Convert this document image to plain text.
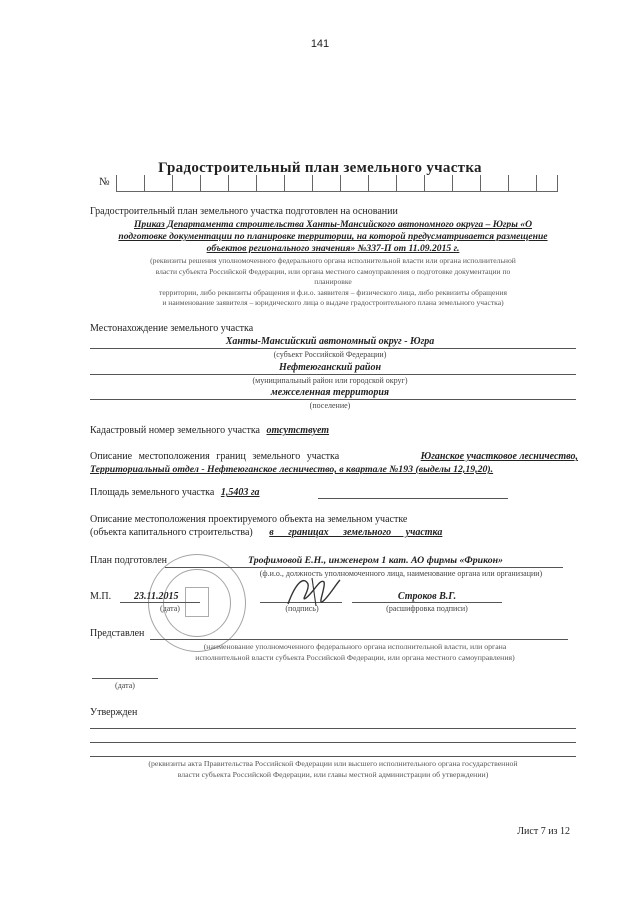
141
Градостроительный план земельного участка
№
Градостроительный план земельного участка подготовлен на основании
Приказ Департамента строительства Ханты-Мансийского автономного округа – Югры «О
подготовке документации по планировке территории, на которой предусматривается размещение
объектов регионального значения» №337-П от 11.09.2015 г.
(реквизиты решения уполномоченного федерального органа исполнительной власти или органа исполнительной
власти субъекта Российской Федерации, или органа местного самоуправления о подготовке документации по
планировке
территории, либо реквизиты обращения и ф.и.о. заявителя – физического лица, либо реквизиты обращения
и наименование заявителя – юридического лица о выдаче градостроительного плана земельного участка)
Местонахождение земельного участка
Ханты-Мансийский автономный округ - Югра
(субъект Российской Федерации)
Нефтеюганский район
(муниципальный район или городской округ)
межселенная территория
(поселение)
Кадастровый номер земельного участка отсутствует
Описание местоположения границ земельного участка	Юганское участковое лесничество,
Территориальный отдел - Нефтеюганское лесничество, в квартале №193 (выделы 12,19,20).
Площадь земельного участка 1,5403 га
Описание местоположения проектируемого объекта на земельном участке
(объекта капитального строительства) в границах земельного участка
План подготовлен	Трофимовой Е.Н., инженером 1 кат. АО фирмы «Фрикон»
(ф.и.о., должность уполномоченного лица, наименование органа или организации)
М.П. 23.11.2015
(дата)	(подпись)
Строков В.Г.
(расшифровка подписи)
Представлен
(наименование уполномоченного федерального органа исполнительной власти, или органа
исполнительной власти субъекта Российской Федерации, или органа местного самоуправления)
(дата)
Утвержден
(реквизиты акта Правительства Российской Федерации или высшего исполнительного органа государственной
власти субъекта Российской Федерации, или главы местной администрации об утверждении)
Лист 7 из 12
